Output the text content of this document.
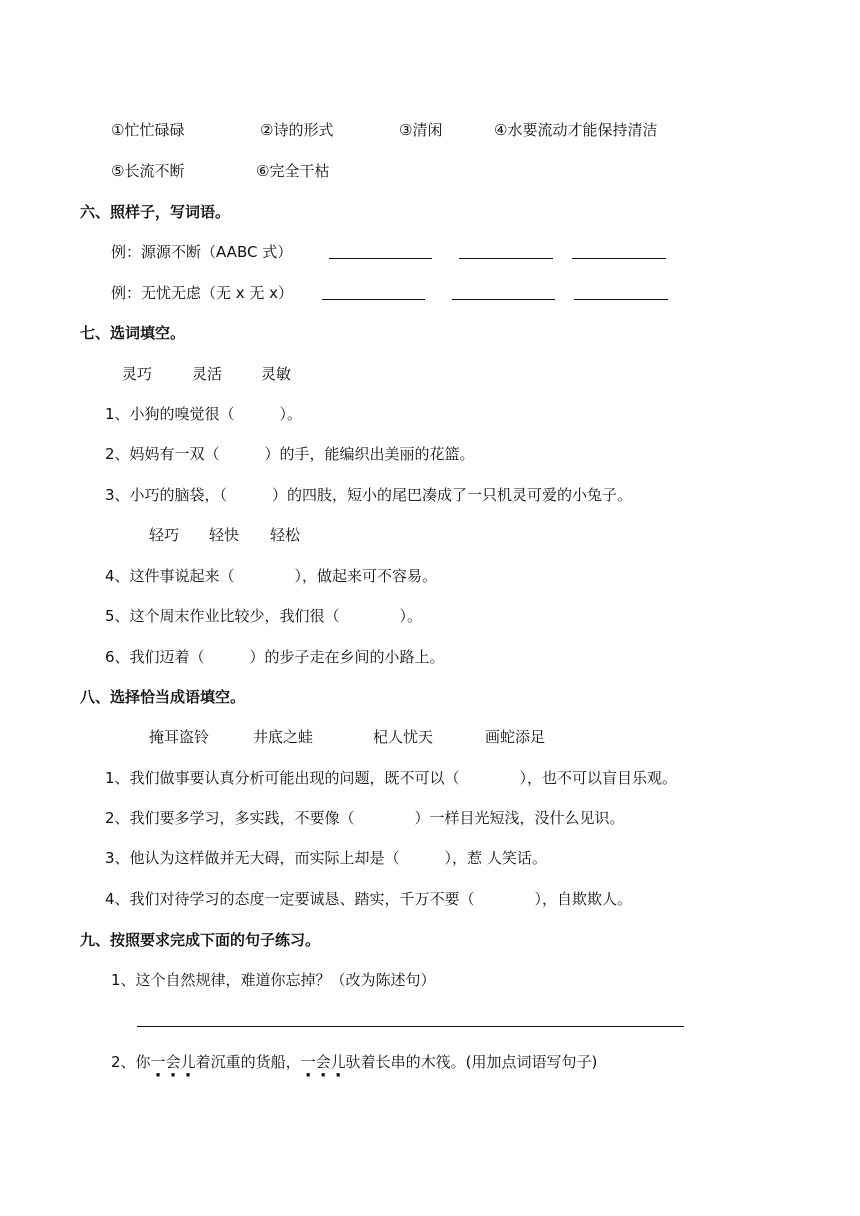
①忙忙碌碌	②诗的形式	③清闲	④水要流动才能保持清洁
⑤长流不断	⑥完全干枯
六、照样子，写词语。
例：源源不断（AABC 式）
例：无忧无虑（无 x 无 x）
七、选词填空。
灵巧	灵活	灵敏
1、小狗的嗅觉很（　　　）。
2、妈妈有一双（　　　）的手，能编织出美丽的花篮。
3、小巧的脑袋，（　　　）的四肢，短小的尾巴凑成了一只机灵可爱的小兔子。
轻巧 轻快 轻松
4、这件事说起来（　　　　），做起来可不容易。
5、这个周末作业比较少，我们很（　　　　）。
6、我们迈着（　　　）的步子走在乡间的小路上。
八、选择恰当成语填空。
掩耳盗铃	井底之蛙	杞人忧天	画蛇添足
1、我们做事要认真分析可能出现的问题，既不可以（　　　　），也不可以盲目乐观。
2、我们要多学习，多实践，不要像（　　　　）一样目光短浅，没什么见识。
3、他认为这样做并无大碍，而实际上却是（　　　），惹 人笑话。
4、我们对待学习的态度一定要诚恳、踏实，千万不要（　　　　），自欺欺人。
九、按照要求完成下面的句子练习。
1、这个自然规律，难道你忘掉？（改为陈述句）
2、你一会儿着沉重的货船，一会儿驮着长串的木筏。(用加点词语写句子)
